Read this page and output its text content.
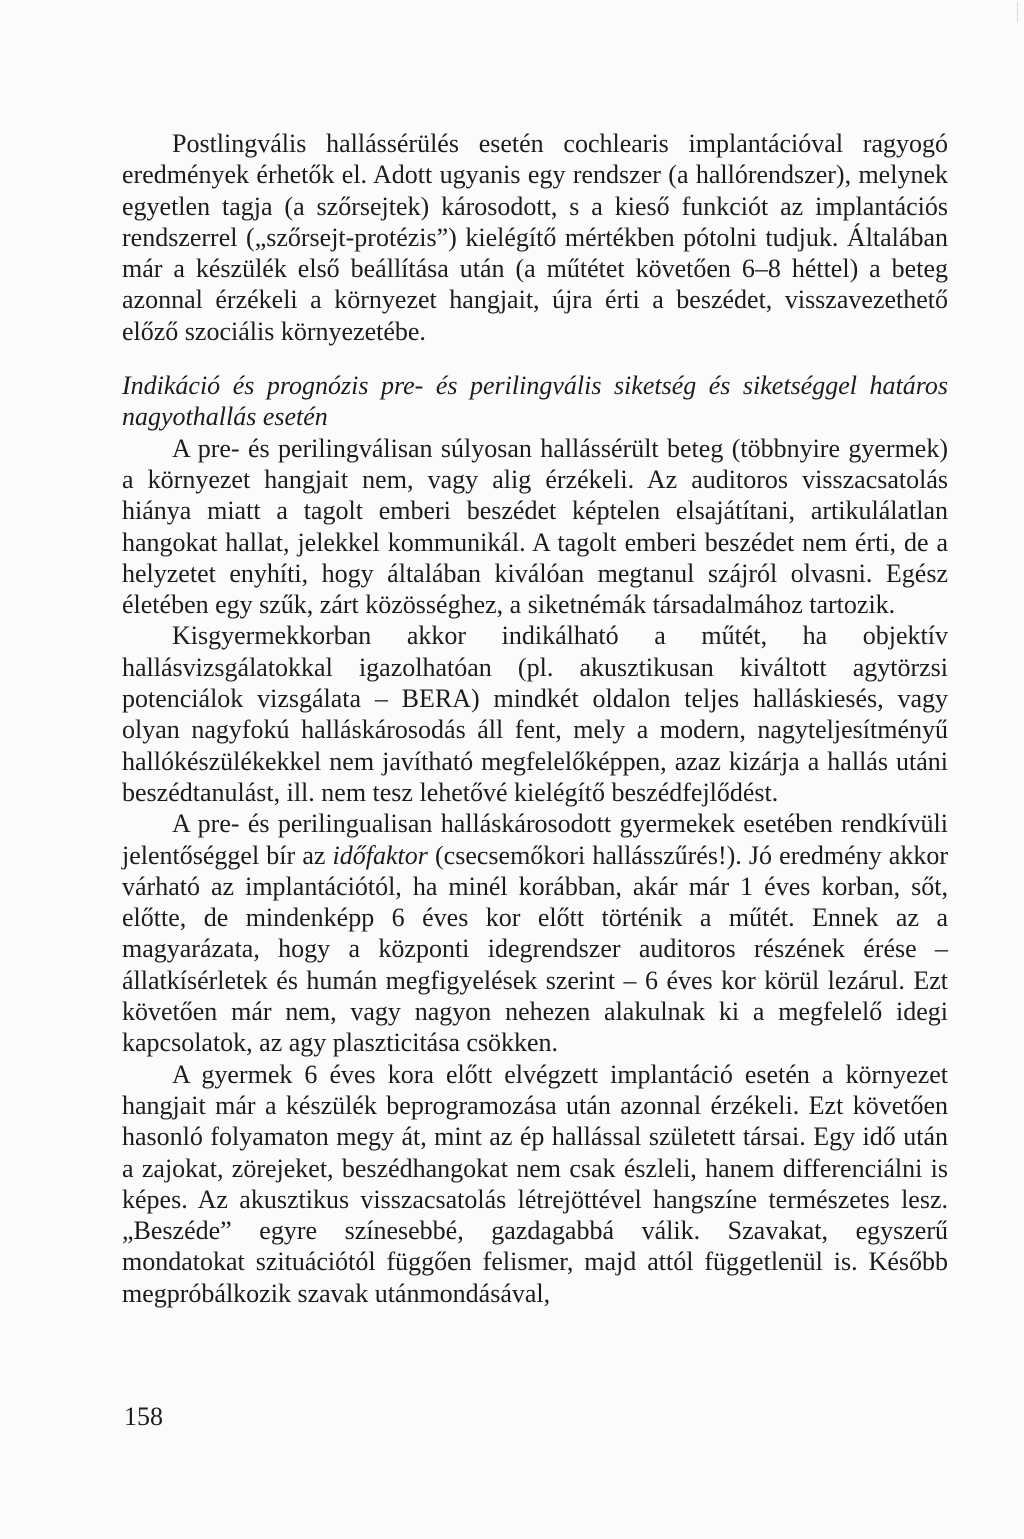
Postlingvális hallássérülés esetén cochlearis implantációval ragyogó eredmények érhetők el. Adott ugyanis egy rendszer (a hallórendszer), melynek egyetlen tagja (a szőrsejtek) károsodott, s a kieső funkciót az implantációs rendszerrel („szőrsejt-protézis”) kielégítő mértékben pótolni tudjuk. Általában már a készülék első beállítása után (a műtétet követően 6–8 héttel) a beteg azonnal érzékeli a környezet hangjait, újra érti a beszédet, visszavezethető előző szociális környezetébe.

Indikáció és prognózis pre- és perilingvális siketség és siketséggel határos nagyothallás esetén

A pre- és perilingválisan súlyosan hallássérült beteg (többnyire gyermek) a környezet hangjait nem, vagy alig érzékeli. Az auditoros visszacsatolás hiánya miatt a tagolt emberi beszédet képtelen elsajátítani, artikulálatlan hangokat hallat, jelekkel kommunikál. A tagolt emberi beszédet nem érti, de a helyzetet enyhíti, hogy általában kiválóan megtanul szájról olvasni. Egész életében egy szűk, zárt közösséghez, a siketnémák társadalmához tartozik.

Kisgyermekkorban akkor indikálható a műtét, ha objektív hallásvizsgálatokkal igazolhatóan (pl. akusztikusan kiváltott agytörzsi potenciálok vizsgálata – BERA) mindkét oldalon teljes halláskiesés, vagy olyan nagyfokú halláskárosodás áll fent, mely a modern, nagyteljesítményű hallókészülékekkel nem javítható megfelelőképpen, azaz kizárja a hallás utáni beszédtanulást, ill. nem tesz lehetővé kielégítő beszédfejlődést.

A pre- és perilingualisan halláskárosodott gyermekek esetében rendkívüli jelentőséggel bír az időfaktor (csecsemőkori hallásszűrés!). Jó eredmény akkor várható az implantációtól, ha minél korábban, akár már 1 éves korban, sőt, előtte, de mindenképp 6 éves kor előtt történik a műtét. Ennek az a magyarázata, hogy a központi idegrendszer auditoros részének érése – állatkísérletek és humán megfigyelések szerint – 6 éves kor körül lezárul. Ezt követően már nem, vagy nagyon nehezen alakulnak ki a megfelelő idegi kapcsolatok, az agy plaszticitása csökken.

A gyermek 6 éves kora előtt elvégzett implantáció esetén a környezet hangjait már a készülék beprogramozása után azonnal érzékeli. Ezt követően hasonló folyamaton megy át, mint az ép hallással született társai. Egy idő után a zajokat, zörejeket, beszédhangokat nem csak észleli, hanem differenciálni is képes. Az akusztikus visszacsatolás létrejöttével hangszíne természetes lesz. „Beszéde” egyre színesebbé, gazdagabbá válik. Szavakat, egyszerű mondatokat szituációtól függően felismer, majd attól függetlenül is. Később megpróbálkozik szavak utánmondásával,

158
